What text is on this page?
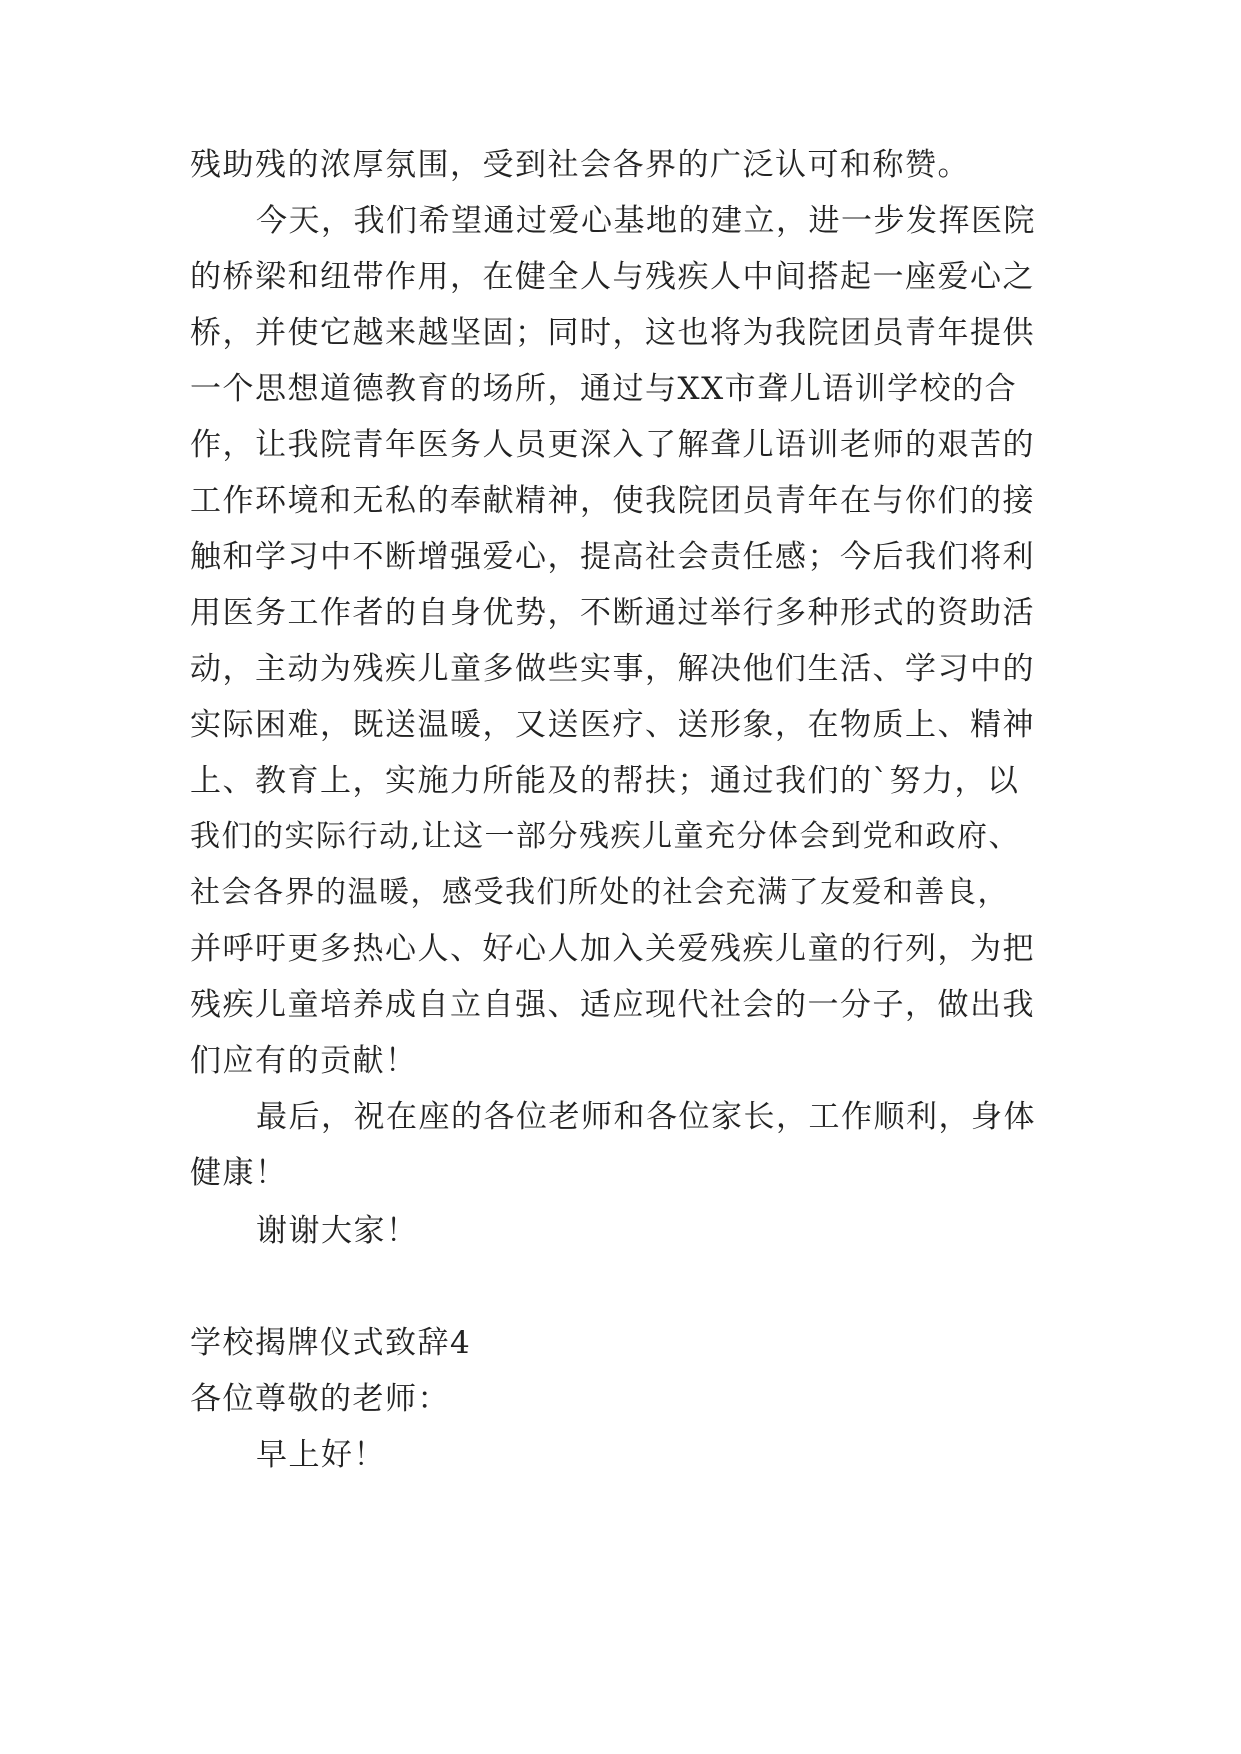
残助残的浓厚氛围，受到社会各界的广泛认可和称赞。
今天，我们希望通过爱心基地的建立，进一步发挥医院
的桥梁和纽带作用，在健全人与残疾人中间搭起一座爱心之
桥，并使它越来越坚固；同时，这也将为我院团员青年提供
一个思想道德教育的场所，通过与XX市聋儿语训学校的合
作，让我院青年医务人员更深入了解聋儿语训老师的艰苦的
工作环境和无私的奉献精神，使我院团员青年在与你们的接
触和学习中不断增强爱心，提高社会责任感；今后我们将利
用医务工作者的自身优势，不断通过举行多种形式的资助活
动，主动为残疾儿童多做些实事，解决他们生活、学习中的
实际困难，既送温暖，又送医疗、送形象，在物质上、精神
上、教育上，实施力所能及的帮扶；通过我们的`努力，以
我们的实际行动,让这一部分残疾儿童充分体会到党和政府、
社会各界的温暖，感受我们所处的社会充满了友爱和善良，
并呼吁更多热心人、好心人加入关爱残疾儿童的行列，为把
残疾儿童培养成自立自强、适应现代社会的一分子，做出我
们应有的贡献！
最后，祝在座的各位老师和各位家长，工作顺利，身体
健康！
谢谢大家！
学校揭牌仪式致辞4
各位尊敬的老师：
早上好！
